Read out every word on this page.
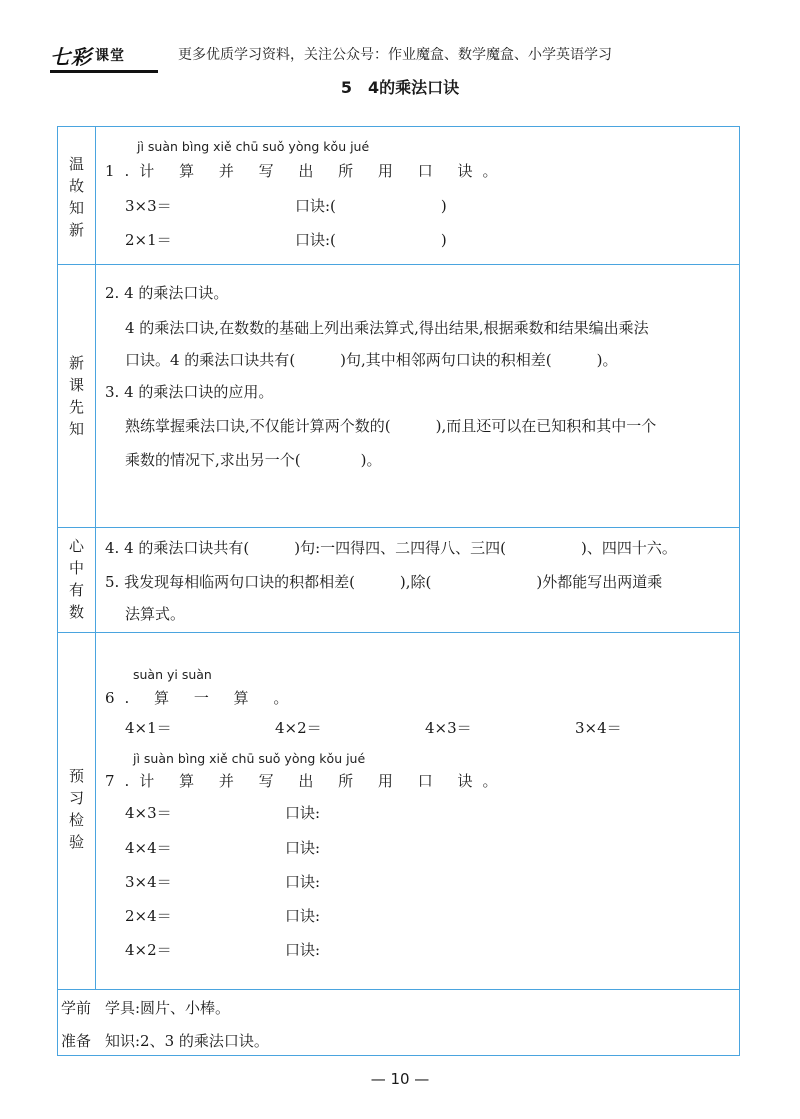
七彩 课堂	更多优质学习资料，关注公众号：作业魔盒、数学魔盒、小学英语学习
5　4的乘法口诀
温
故
知
新
jì suàn bìng xiě chū suǒ yòng kǒu jué
1.计 算 并 写 出 所 用 口 诀。
3×3＝	口诀:(　　　　　　　)
2×1＝	口诀:(　　　　　　　)
新
课
先
知
2. 4 的乘法口诀。
4 的乘法口诀,在数数的基础上列出乘法算式,得出结果,根据乘数和结果编出乘法
口诀。4 的乘法口诀共有(　　　)句,其中相邻两句口诀的积相差(　　　)。
3. 4 的乘法口诀的应用。
熟练掌握乘法口诀,不仅能计算两个数的(　　　),而且还可以在已知积和其中一个
乘数的情况下,求出另一个(　　　　)。
心
中
有
数
4. 4 的乘法口诀共有(　　　)句:一四得四、二四得八、三四(　　　　　)、四四十六。
5. 我发现每相临两句口诀的积都相差(　　　),除(　　　　　　　)外都能写出两道乘
法算式。
预
习
检
验
suàn yi suàn
6. 算 一 算 。
4×1＝	4×2＝	4×3＝	3×4＝
jì suàn bìng xiě chū suǒ yòng kǒu jué
7.计 算 并 写 出 所 用 口 诀。
4×3＝	口诀:
4×4＝	口诀:
3×4＝	口诀:
2×4＝	口诀:
4×2＝	口诀:
学前
准备
学具:圆片、小棒。
知识:2、3 的乘法口诀。
— 10 —
